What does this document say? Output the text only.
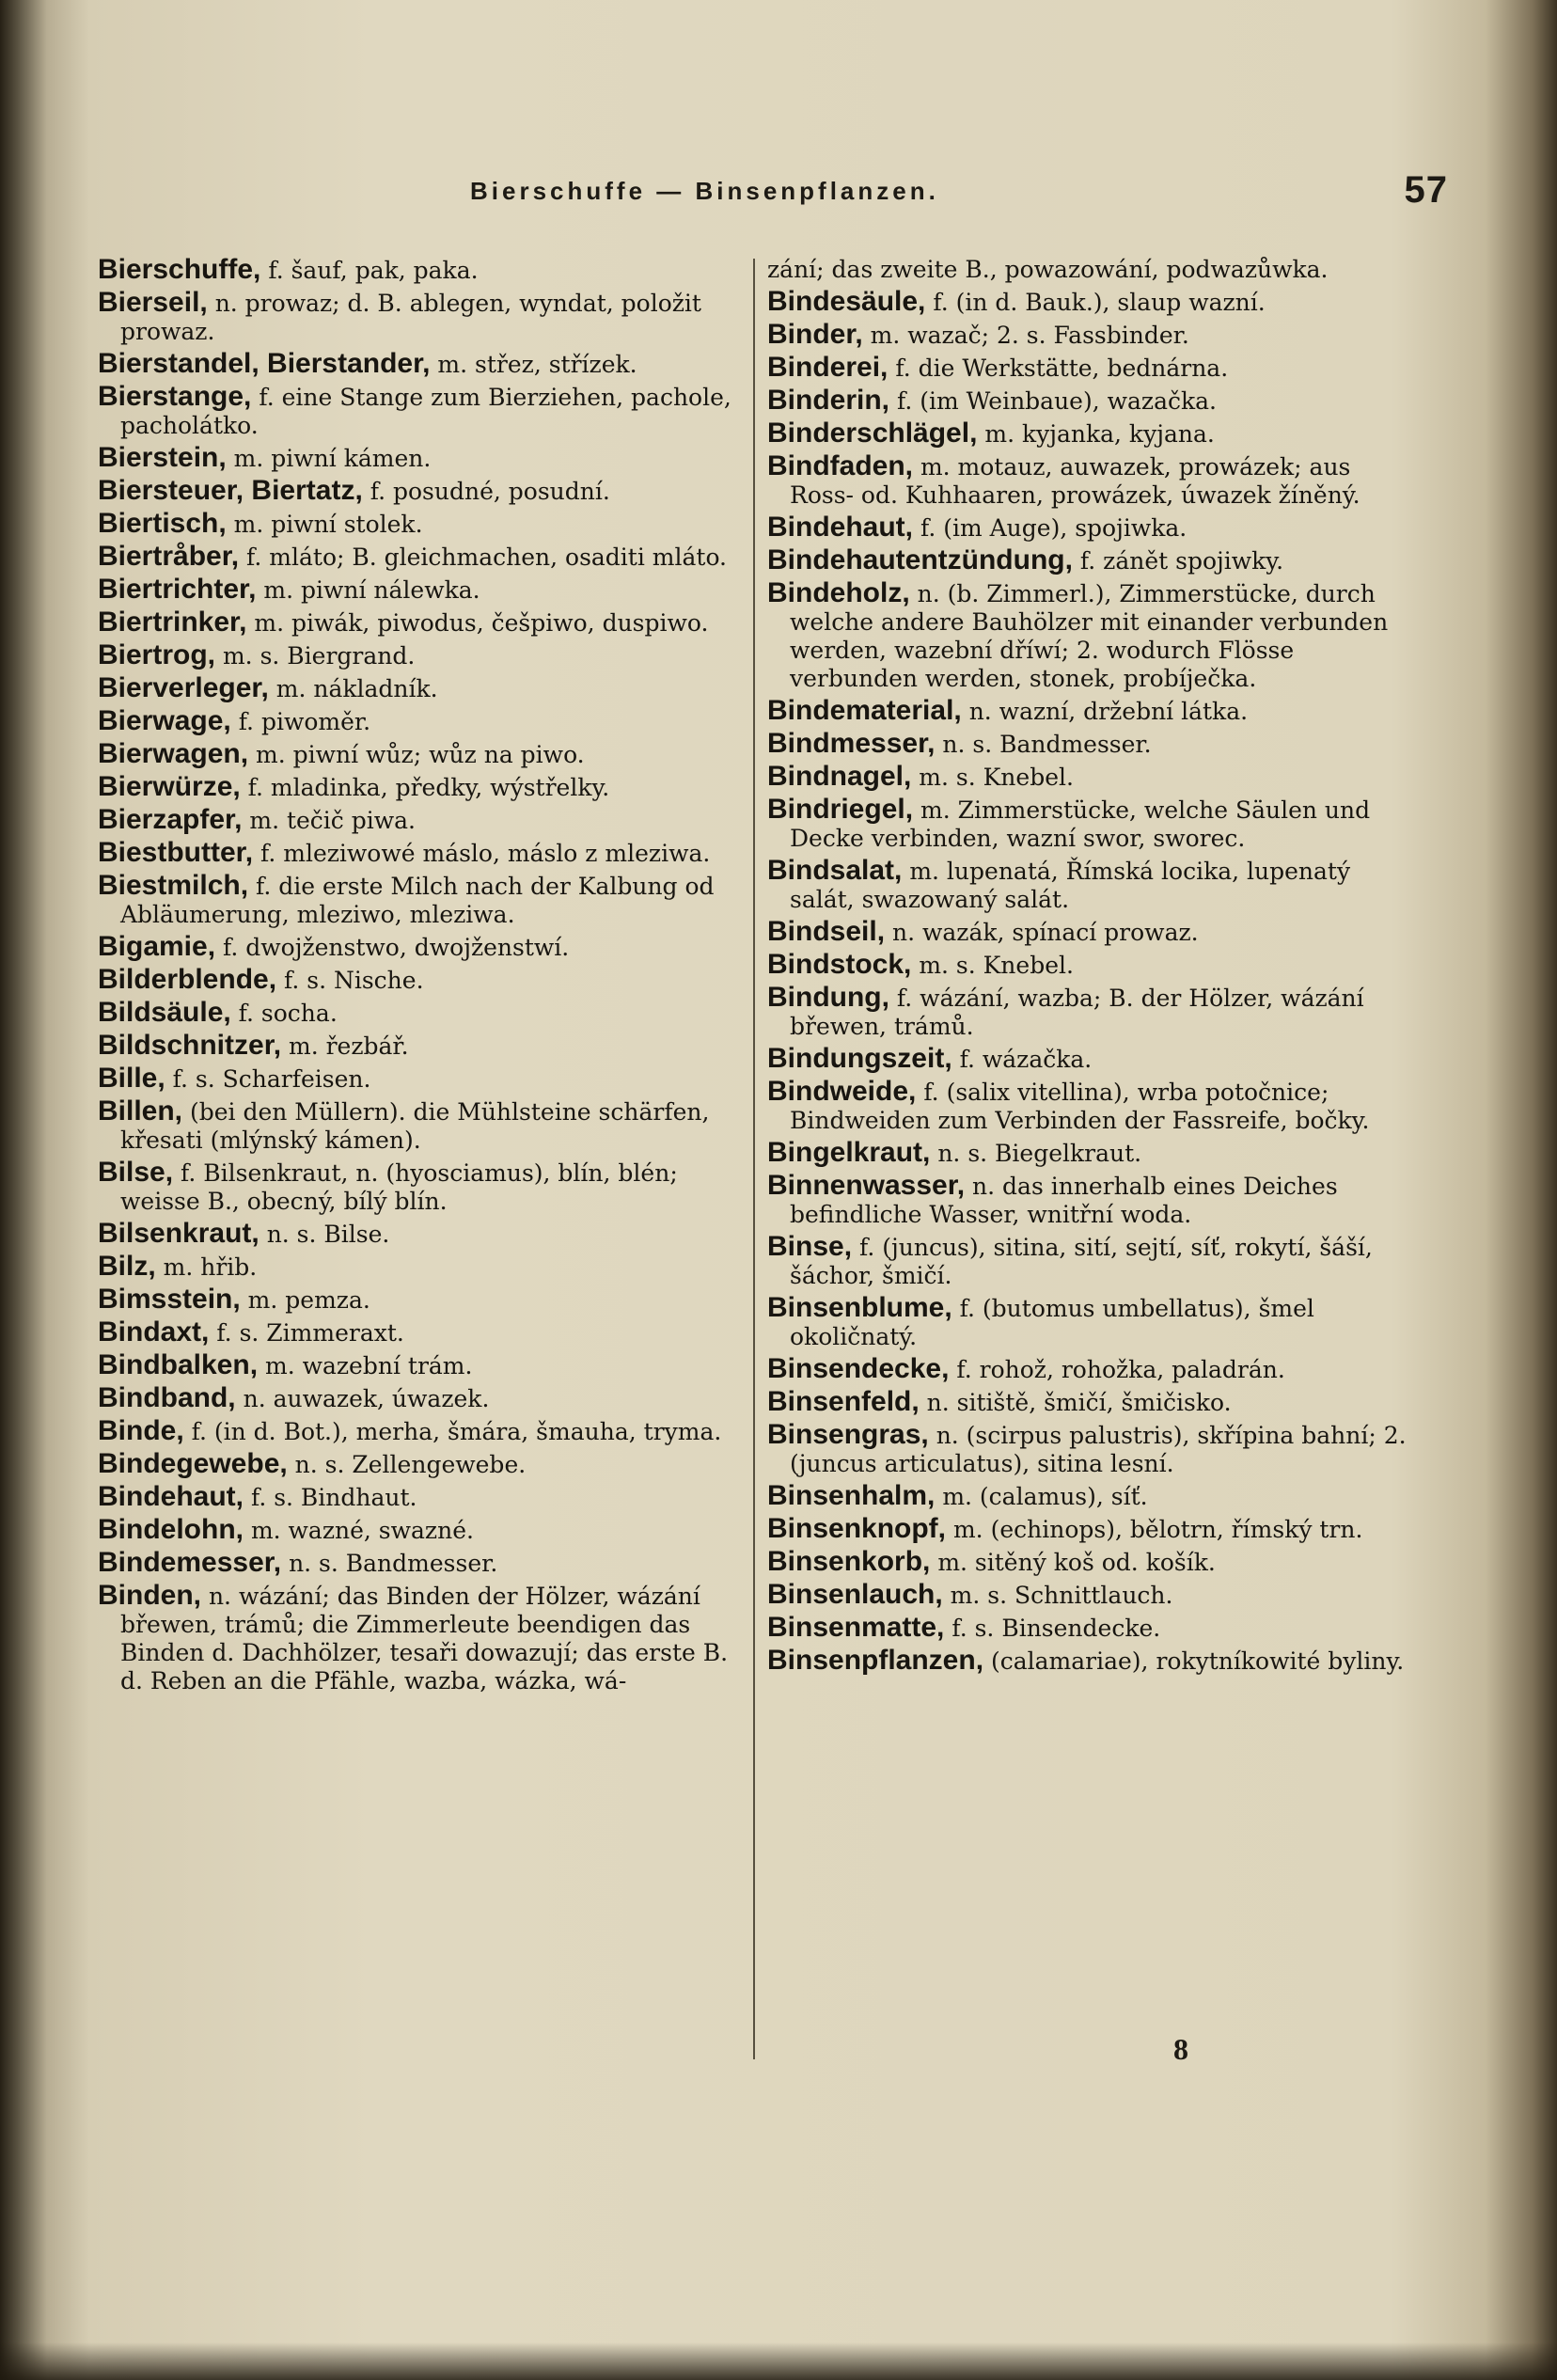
Bierschuffe — Binsenpflanzen.	57
Bierschuffe, f. šauf, pak, paka.
Bierseil, n. prowaz; d. B. ablegen, wyndat, položit prowaz.
Bierstandel, Bierstander, m. střez, střízek.
Bierstange, f. eine Stange zum Bierziehen, pachole, pacholátko.
Bierstein, m. piwní kámen.
Biersteuer, Biertatz, f. posudné, posudní.
Biertisch, m. piwní stolek.
Biertråber, f. mláto; B. gleichmachen, osaditi mláto.
Biertrichter, m. piwní nálewka.
Biertrinker, m. piwák, piwodus, češpiwo, duspiwo.
Biertrog, m. s. Biergrand.
Bierverleger, m. nákladník.
Bierwage, f. piwoměr.
Bierwagen, m. piwní wůz; wůz na piwo.
Bierwürze, f. mladinka, předky, wýstřelky.
Bierzapfer, m. tečič piwa.
Biestbutter, f. mleziwowé máslo, máslo z mleziwa.
Biestmilch, f. die erste Milch nach der Kalbung od Abläumerung, mleziwo, mleziwa.
Bigamie, f. dwojženstwo, dwojženstwí.
Bilderblende, f. s. Nische.
Bildsäule, f. socha.
Bildschnitzer, m. řezbář.
Bille, f. s. Scharfeisen.
Billen, (bei den Müllern). die Mühlsteine schärfen, křesati (mlýnský kámen).
Bilse, f. Bilsenkraut, n. (hyosciamus), blín, blén; weisse B., obecný, bílý blín.
Bilsenkraut, n. s. Bilse.
Bilz, m. hřib.
Bimsstein, m. pemza.
Bindaxt, f. s. Zimmeraxt.
Bindbalken, m. wazební trám.
Bindband, n. auwazek, úwazek.
Binde, f. (in d. Bot.), merha, šmára, šmauha, tryma.
Bindegewebe, n. s. Zellengewebe.
Bindehaut, f. s. Bindhaut.
Bindelohn, m. wazné, swazné.
Bindemesser, n. s. Bandmesser.
Binden, n. wázání; das Binden der Hölzer, wázání břewen, trámů; die Zimmerleute beendigen das Binden d. Dachhölzer, tesaři dowazují; das erste B. d. Reben an die Pfähle, wazba, wázka, wá-
zání; das zweite B., powazowání, podwazůwka.
Bindesäule, f. (in d. Bauk.), slaup wazní.
Binder, m. wazač; 2. s. Fassbinder.
Binderei, f. die Werkstätte, bednárna.
Binderin, f. (im Weinbaue), wazačka.
Binderschlägel, m. kyjanka, kyjana.
Bindfaden, m. motauz, auwazek, prowázek; aus Ross- od. Kuhhaaren, prowázek, úwazek žíněný.
Bindehaut, f. (im Auge), spojiwka.
Bindehautentzündung, f. zánět spojiwky.
Bindeholz, n. (b. Zimmerl.), Zimmerstücke, durch welche andere Bauhölzer mit einander verbunden werden, wazební dříwí; 2. wodurch Flösse verbunden werden, stonek, probíječka.
Bindematerial, n. wazní, držební látka.
Bindmesser, n. s. Bandmesser.
Bindnagel, m. s. Knebel.
Bindriegel, m. Zimmerstücke, welche Säulen und Decke verbinden, wazní swor, sworec.
Bindsalat, m. lupenatá, Římská locika, lupenatý salát, swazowaný salát.
Bindseil, n. wazák, spínací prowaz.
Bindstock, m. s. Knebel.
Bindung, f. wázání, wazba; B. der Hölzer, wázání břewen, trámů.
Bindungszeit, f. wázačka.
Bindweide, f. (salix vitellina), wrba potočnice; Bindweiden zum Verbinden der Fassreife, bočky.
Bingelkraut, n. s. Biegelkraut.
Binnenwasser, n. das innerhalb eines Deiches befindliche Wasser, wnitřní woda.
Binse, f. (juncus), sitina, sití, sejtí, síť, rokytí, šáší, šáchor, šmičí.
Binsenblume, f. (butomus umbellatus), šmel okoličnatý.
Binsendecke, f. rohož, rohožka, paladrán.
Binsenfeld, n. sitiště, šmičí, šmičisko.
Binsengras, n. (scirpus palustris), skřípina bahní; 2. (juncus articulatus), sitina lesní.
Binsenhalm, m. (calamus), síť.
Binsenknopf, m. (echinops), bělotrn, římský trn.
Binsenkorb, m. sitěný koš od. košík.
Binsenlauch, m. s. Schnittlauch.
Binsenmatte, f. s. Binsendecke.
Binsenpflanzen, (calamariae), rokytníkowité byliny.
8
